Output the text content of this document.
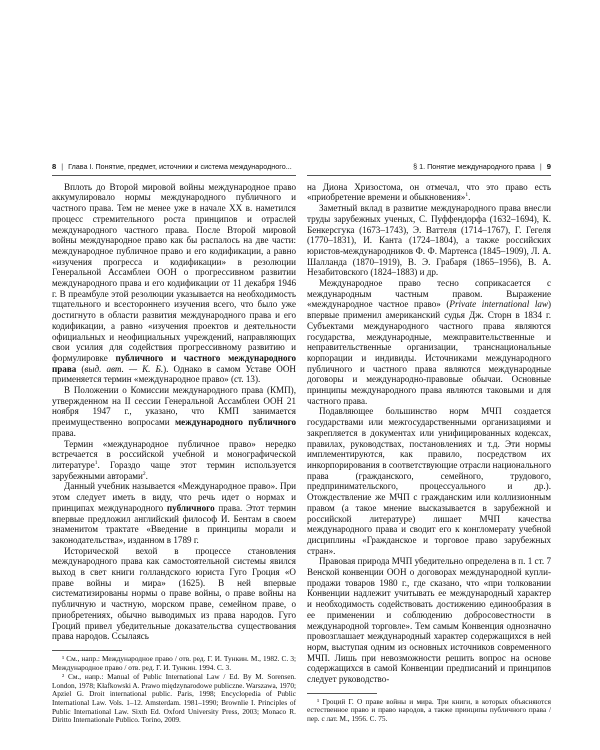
8 | Глава I. Понятие, предмет, источники и система международного...

Вплоть до Второй мировой войны международное право аккумулировало нормы международного публичного и частного права. Тем не менее уже в начале XX в. наметился процесс стремительного роста принципов и отраслей международного частного права. После Второй мировой войны международное право как бы распалось на две части: международное публичное право и его кодификации, а равно «изучения прогресса и кодификации» в резолюции Генеральной Ассамблеи ООН о прогрессивном развитии международного права и его кодификации от 11 декабря 1946 г. В преамбуле этой резолюции указывается на необходимость тщательного и всестороннего изучения всего, что было уже достигнуто в области развития международного права и его кодификации, а равно «изучения проектов и деятельности официальных и неофициальных учреждений, направляющих свои усилия для содействия прогрессивному развитию и формулировке публичного и частного международного права (выд. авт. — К. Б.). Однако в самом Уставе ООН применяется термин «международное право» (ст. 13).

В Положении о Комиссии международного права (КМП), утвержденном на II сессии Генеральной Ассамблеи ООН 21 ноября 1947 г., указано, что КМП занимается преимущественно вопросами международного публичного права.

Термин «международное публичное право» нередко встречается в российской учебной и монографической литературе$^1$. Гораздо чаще этот термин используется зарубежными авторами$^2$.

Данный учебник называется «Международное право». При этом следует иметь в виду, что речь идет о нормах и принципах международного публичного права. Этот термин впервые предложил английский философ И. Бентам в своем знаменитом трактате «Введение в принципы морали и законодательства», изданном в 1789 г.

Исторической вехой в процессе становления международного права как самостоятельной системы явился выход в свет книги голландского юриста Гуго Гроция «О праве войны и мира» (1625). В ней впервые систематизированы нормы о праве войны, о праве войны на публичную и частную, морском праве, семейном праве, о приобретениях, обычно выводимых из права народов. Гуго Гроций привел убедительные доказательства существования права народов. Ссылаясь

¹ См., напр.: Международное право / отв. ред. Г. И. Тункин. М., 1982. С. 3; Международное право / отв. ред. Г. И. Тункин. 1994. С. 3.
² См., напр.: Manual of Public International Law / Ed. By M. Sorensen. London, 1978; Kłafkowski A. Prawo międzynarodowe publiczne. Warszawa, 1970; Apziel G. Droit international public. Paris, 1998; Encyclopedia of Public International Law. Vols. 1–12. Amsterdam. 1981–1990; Brownlie I. Principles of Public International Law. Sixth Ed. Oxford University Press, 2003; Monaco R. Diritto Internationale Publico. Torino, 2009.
§ 1. Понятие международного права | 9

на Диона Хризостома, он отмечал, что это право есть «приобретение времени и обыкновения»$^1$.

Заметный вклад в развитие международного права внесли труды зарубежных ученых, С. Пуффендорфа (1632–1694), К. Бенкерсгука (1673–1743), Э. Ваттеля (1714–1767), Г. Гегеля (1770–1831), И. Канта (1724–1804), а также российских юристов-международников Ф. Ф. Мартенса (1845–1909), Л. А. Шалланда (1870–1919), В. Э. Грабаря (1865–1956), В. А. Незабитовского (1824–1883) и др.

Международное право тесно соприкасается с международным частным правом. Выражение «международное частное право» (Private international law) впервые применил американский судья Дж. Сторн в 1834 г. Субъектами международного частного права являются государства, международные, межправительственные и неправительственные организации, транснациональные корпорации и индивиды. Источниками международного публичного и частного права являются международные договоры и международно-правовые обычаи. Основные принципы международного права являются таковыми и для частного права.

Подавляющее большинство норм МЧП создается государствами или межгосударственными организациями и закрепляется в документах или унифицированных кодексах, правилах, руководствах, постановлениях и т.д. Эти нормы имплементируются, как правило, посредством их инкорпорирования в соответствующие отрасли национального права (гражданского, семейного, трудового, предпринимательского, процессуального и др.). Отождествление же МЧП с гражданским или коллизионным правом (а такое мнение высказывается в зарубежной и российской литературе) лишает МЧП качества международного права и сводит его к конгломерату учебной дисциплины «Гражданское и торговое право зарубежных стран».

Правовая природа МЧП убедительно определена в п. 1 ст. 7 Венской конвенции ООН о договорах международной купли-продажи товаров 1980 г., где сказано, что «при толковании Конвенции надлежит учитывать ее международный характер и необходимость содействовать достижению единообразия в ее применении и соблюдению добросовестности в международной торговле». Тем самым Конвенция однозначно провозглашает международный характер содержащихся в ней норм, выступая одним из основных источников современного МЧП. Лишь при невозможности решить вопрос на основе содержащихся в самой Конвенции предписаний и принципов следует руководство-

¹ Гроций Г. О праве войны и мира. Три книги, в которых объясняются естественное право и право народов, а также принципы публичного права / пер. с лат. М., 1956. С. 75.
